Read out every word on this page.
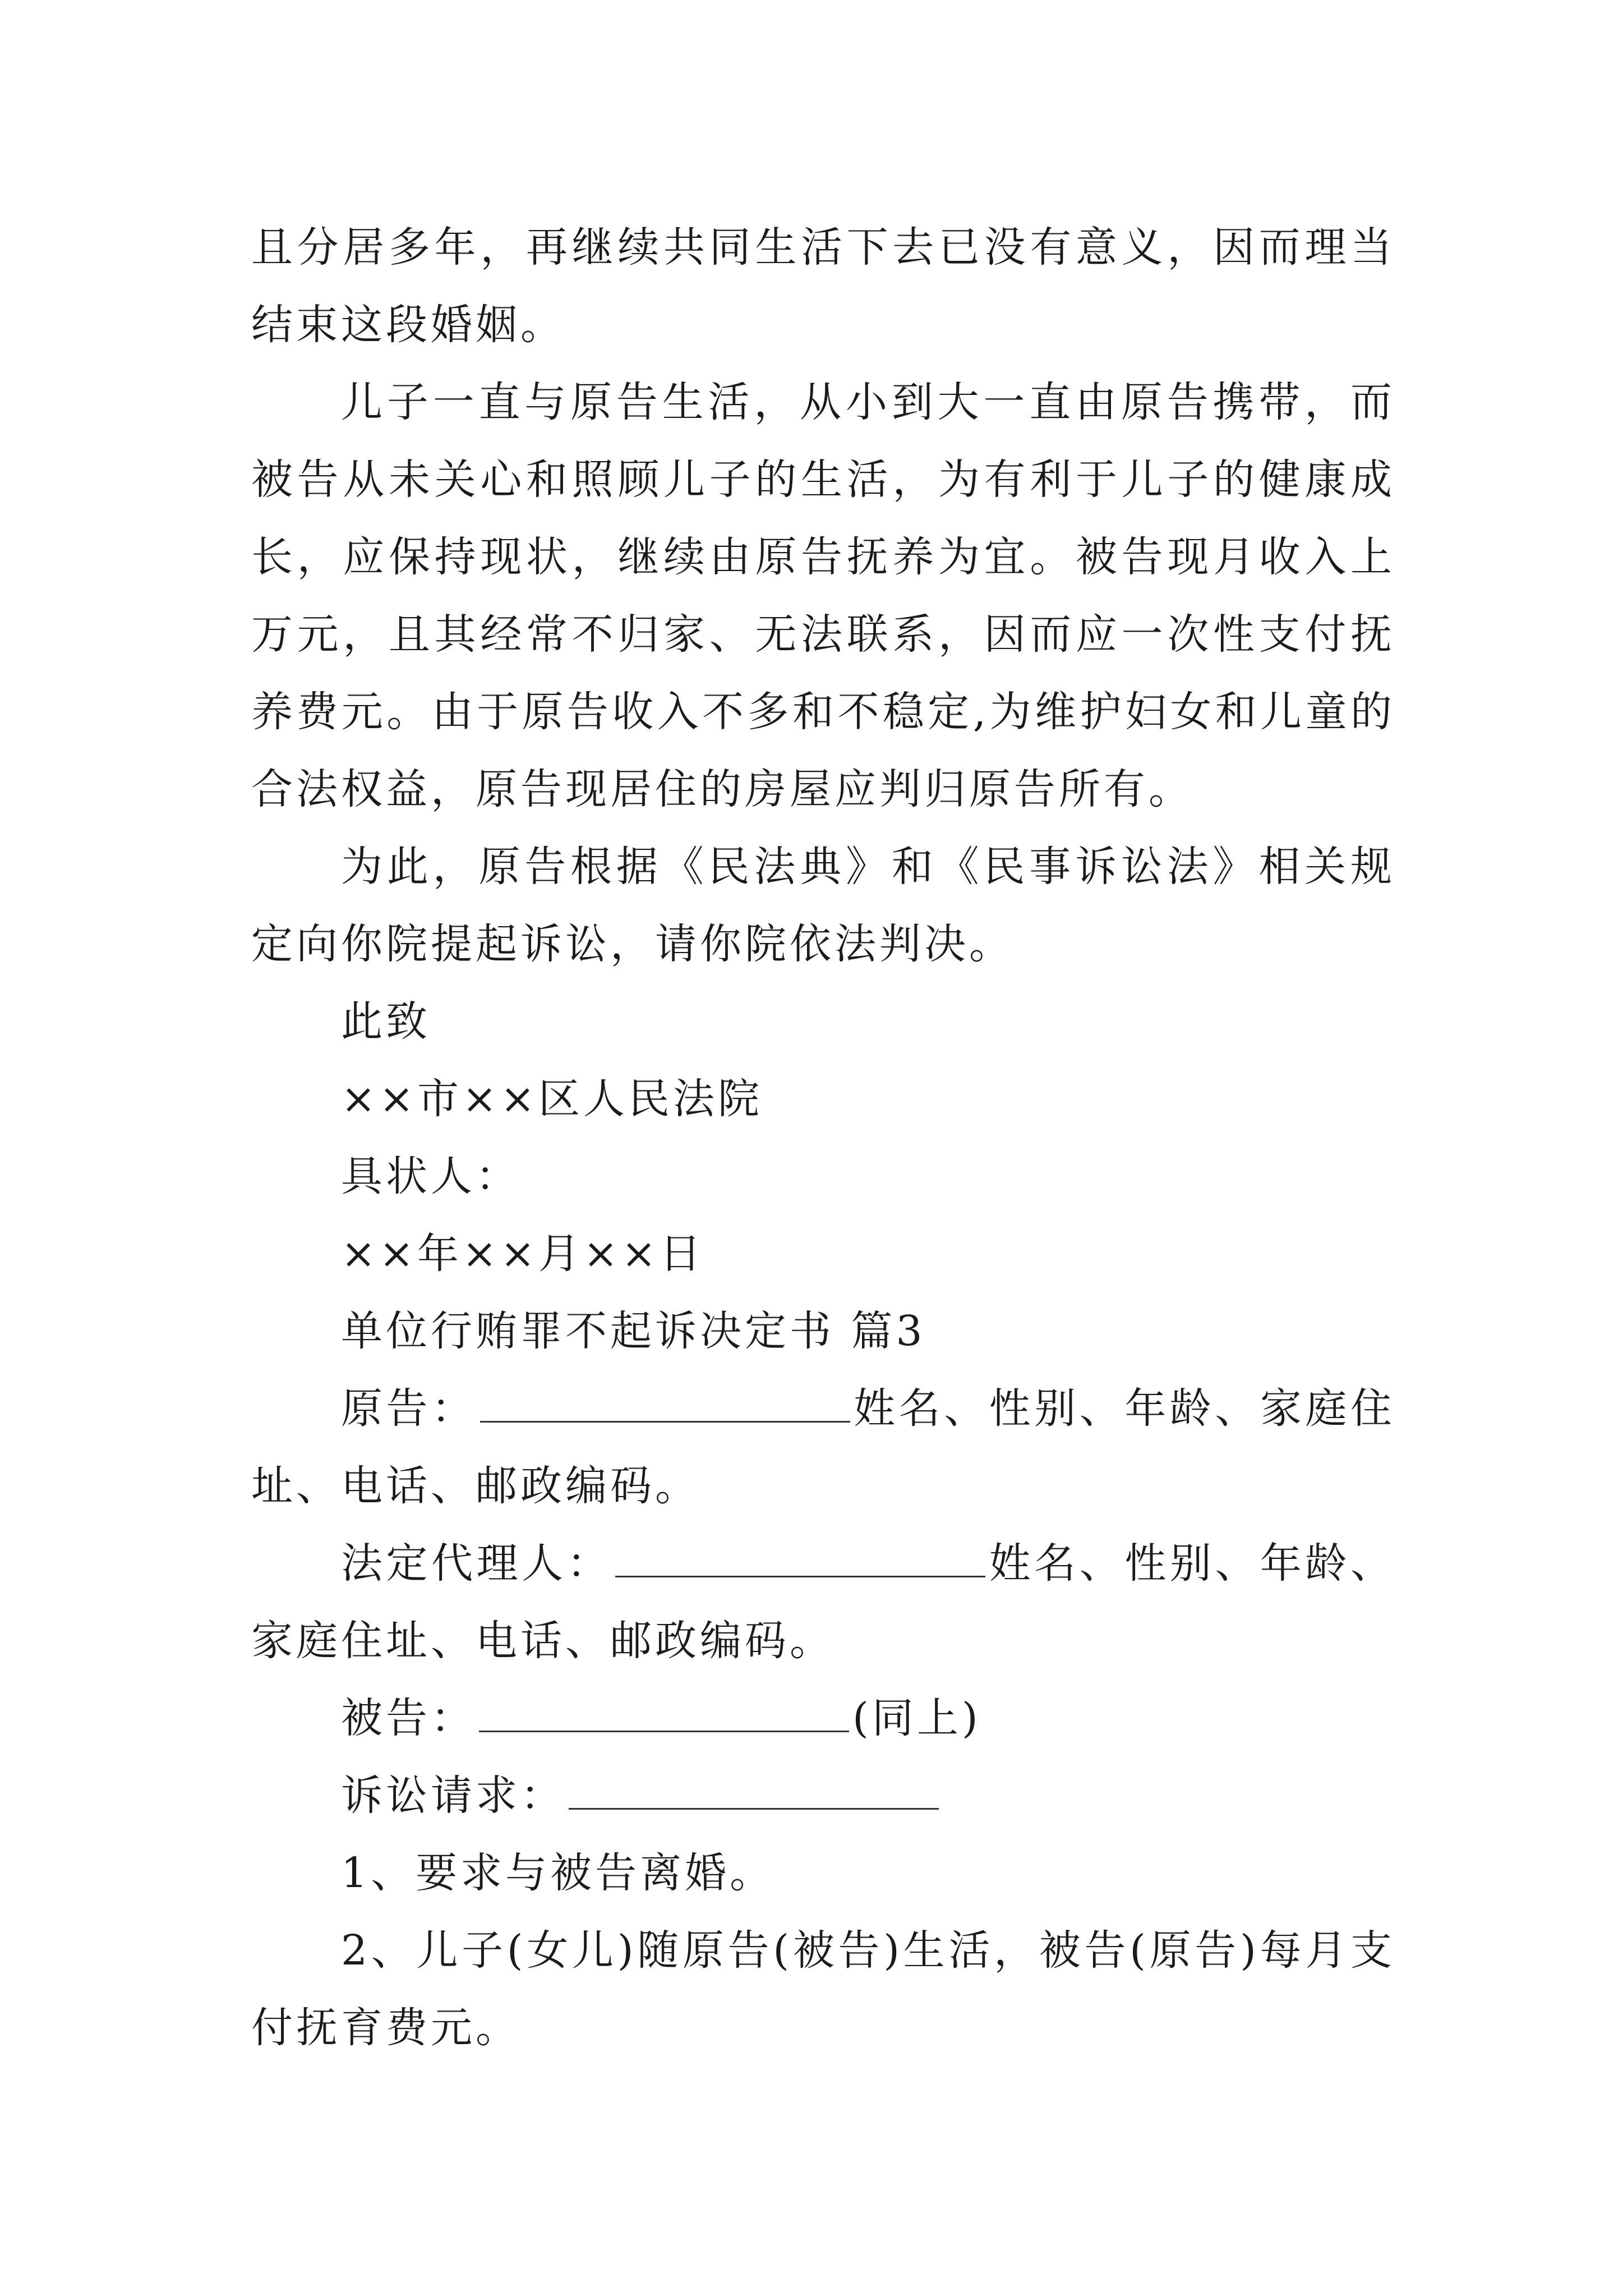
且分居多年，再继续共同生活下去已没有意义，因而理当结束这段婚姻。

儿子一直与原告生活，从小到大一直由原告携带，而被告从未关心和照顾儿子的生活，为有利于儿子的健康成长，应保持现状，继续由原告抚养为宜。被告现月收入上万元，且其经常不归家、无法联系，因而应一次性支付抚养费元。由于原告收入不多和不稳定,为维护妇女和儿童的合法权益，原告现居住的房屋应判归原告所有。

为此，原告根据《民法典》和《民事诉讼法》相关规定向你院提起诉讼，请你院依法判决。

此致

××市××区人民法院

具状人：

××年××月××日

单位行贿罪不起诉决定书 篇3

原告：	姓名、性别、年龄、家庭住址、电话、邮政编码。

法定代理人：	姓名、性别、年龄、家庭住址、电话、邮政编码。

被告：	(同上)

诉讼请求：

1、要求与被告离婚。

2、儿子(女儿)随原告(被告)生活，被告(原告)每月支付抚育费元。
